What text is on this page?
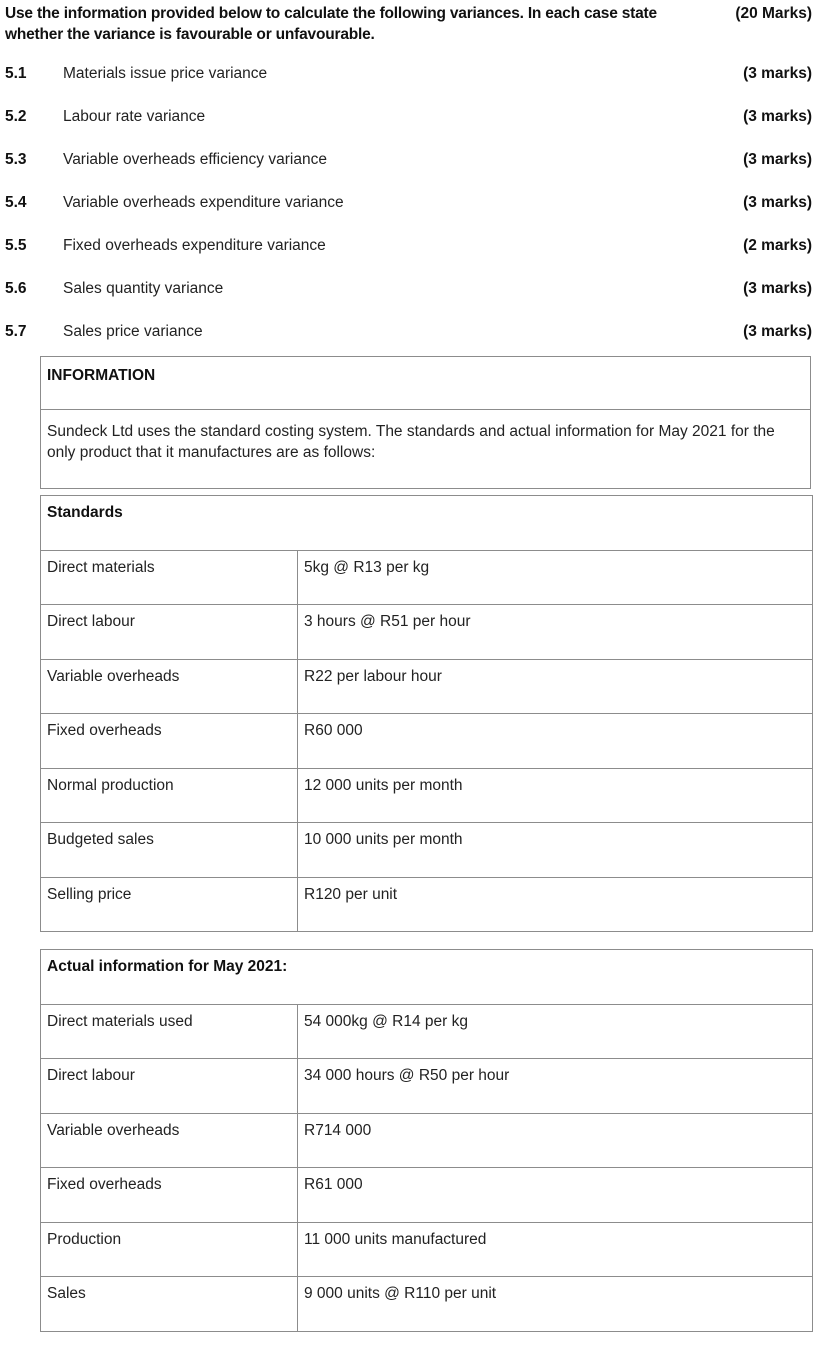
Use the information provided below to calculate the following variances. In each case state whether the variance is favourable or unfavourable.
(20 Marks)
5.1 Materials issue price variance	(3 marks)
5.2 Labour rate variance	(3 marks)
5.3 Variable overheads efficiency variance	(3 marks)
5.4 Variable overheads expenditure variance	(3 marks)
5.5 Fixed overheads expenditure variance	(2 marks)
5.6 Sales quantity variance	(3 marks)
5.7 Sales price variance	(3 marks)
INFORMATION
Sundeck Ltd uses the standard costing system. The standards and actual information for May 2021 for the only product that it manufactures are as follows:
Standards	
Direct materials	5kg @ R13 per kg
Direct labour	3 hours @ R51 per hour
Variable overheads	R22 per labour hour
Fixed overheads	R60 000
Normal production	12 000 units per month
Budgeted sales	10 000 units per month
Selling price	R120 per unit
Actual information for May 2021:	
Direct materials used	54 000kg @ R14 per kg
Direct labour	34 000 hours @ R50 per hour
Variable overheads	R714 000
Fixed overheads	R61 000
Production	11 000 units manufactured
Sales	9 000 units @ R110 per unit
